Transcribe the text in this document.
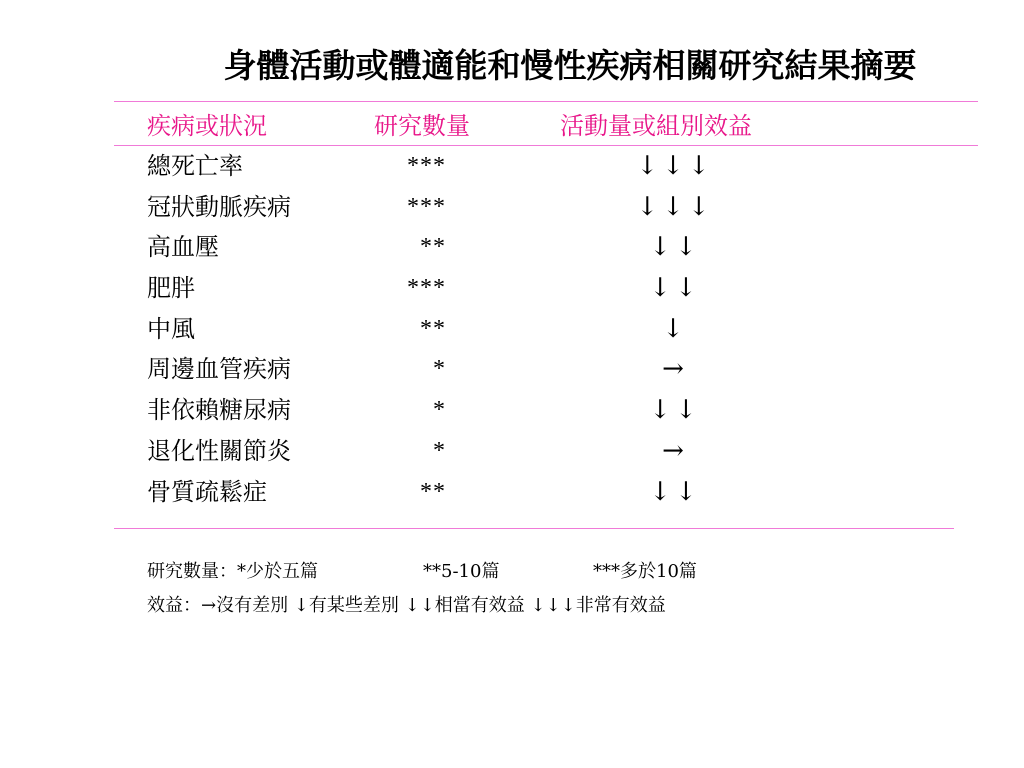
身體活動或體適能和慢性疾病相關研究結果摘要
疾病或狀況	研究數量	活動量或組別效益
總死亡率	***	↓↓↓
冠狀動脈疾病	***	↓↓↓
高血壓	**	↓↓
肥胖	***	↓↓
中風	**	↓
周邊血管疾病	*	→
非依賴糖尿病	*	↓↓
退化性關節炎	*	→
骨質疏鬆症	**	↓↓
研究數量：*少於五篇	**5-10篇	***多於10篇
效益：→沒有差別 ↓有某些差別 ↓↓相當有效益 ↓↓↓非常有效益
